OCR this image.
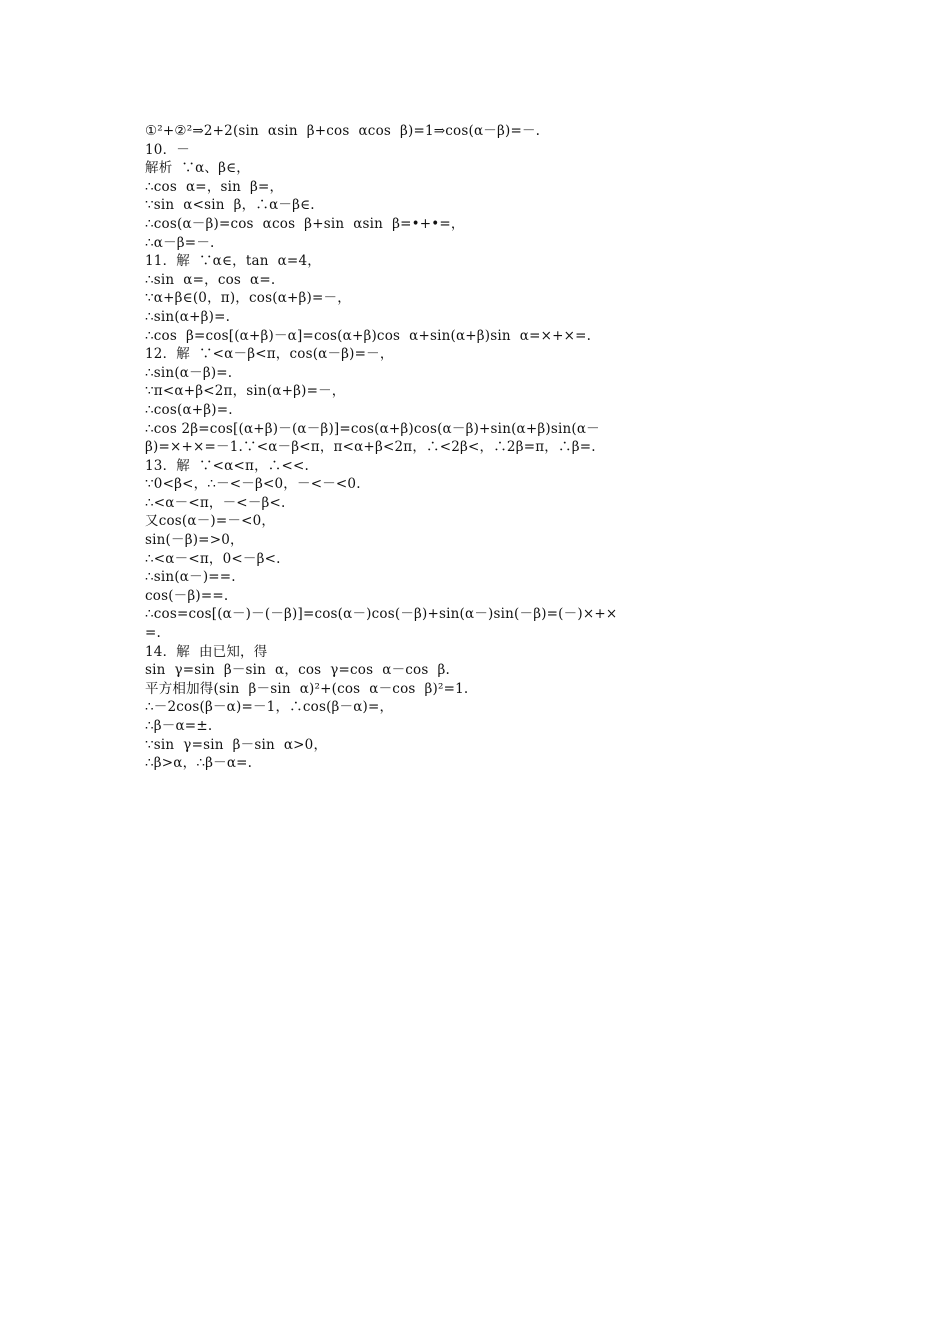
①²+②²⇒2+2(sin  αsin  β+cos  αcos  β)=1⇒cos(α－β)=－.
10．－
解析  ∵α、β∈，
∴cos  α=，sin  β=，
∵sin  α<sin  β，∴α－β∈.
∴cos(α－β)=cos  αcos  β+sin  αsin  β=•+•=，
∴α－β=－.
11．解  ∵α∈，tan  α=4，
∴sin  α=，cos  α=.
∵α+β∈(0，π)，cos(α+β)=－，
∴sin(α+β)=.
∴cos  β=cos[(α+β)－α]=cos(α+β)cos  α+sin(α+β)sin  α=×+×=.
12．解  ∵<α－β<π，cos(α－β)=－，
∴sin(α－β)=.
∵π<α+β<2π，sin(α+β)=－，
∴cos(α+β)=.
∴cos 2β=cos[(α+β)－(α－β)]=cos(α+β)cos(α－β)+sin(α+β)sin(α－
β)=×+×=－1.∵<α－β<π，π<α+β<2π，∴<2β<，∴2β=π，∴β=.
13．解  ∵<α<π，∴<<.
∵0<β<，∴－<－β<0，－<－<0.
∴<α－<π，－<－β<.
又cos(α－)=－<0，
sin(－β)=>0，
∴<α－<π，0<－β<.
∴sin(α－)==.
cos(－β)==.
∴cos=cos[(α－)－(－β)]=cos(α－)cos(－β)+sin(α－)sin(－β)=(－)×+×
=.
14．解  由已知，得
sin  γ=sin  β－sin  α，cos  γ=cos  α－cos  β.
平方相加得(sin  β－sin  α)²+(cos  α－cos  β)²=1.
∴－2cos(β－α)=－1，∴cos(β－α)=，
∴β－α=±.
∵sin  γ=sin  β－sin  α>0，
∴β>α，∴β－α=.
